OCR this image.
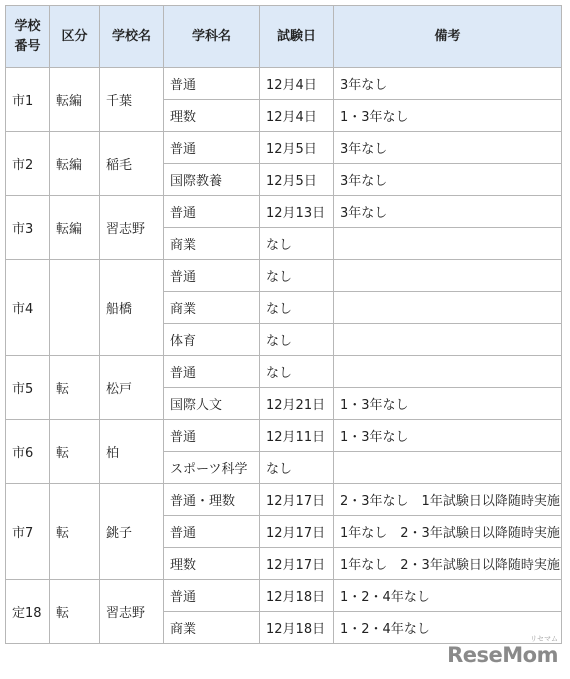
学校
番号	区分	学校名	学科名	試験日	備考
市1	転編	千葉	普通	12月4日	3年なし
			理数	12月4日	1・3年なし
市2	転編	稲毛	普通	12月5日	3年なし
			国際教養	12月5日	3年なし
市3	転編	習志野	普通	12月13日	3年なし
			商業	なし	
市4		船橋	普通	なし	
			商業	なし	
			体育	なし	
市5	転	松戸	普通	なし	
			国際人文	12月21日	1・3年なし
市6	転	柏	普通	12月11日	1・3年なし
			スポーツ科学	なし	
市7	転	銚子	普通・理数	12月17日	2・3年なし　1年試験日以降随時実施
			普通	12月17日	1年なし　2・3年試験日以降随時実施
			理数	12月17日	1年なし　2・3年試験日以降随時実施
定18	転	習志野	普通	12月18日	1・2・4年なし
			商業	12月18日	1・2・4年なし
リセマム
ReseMom
